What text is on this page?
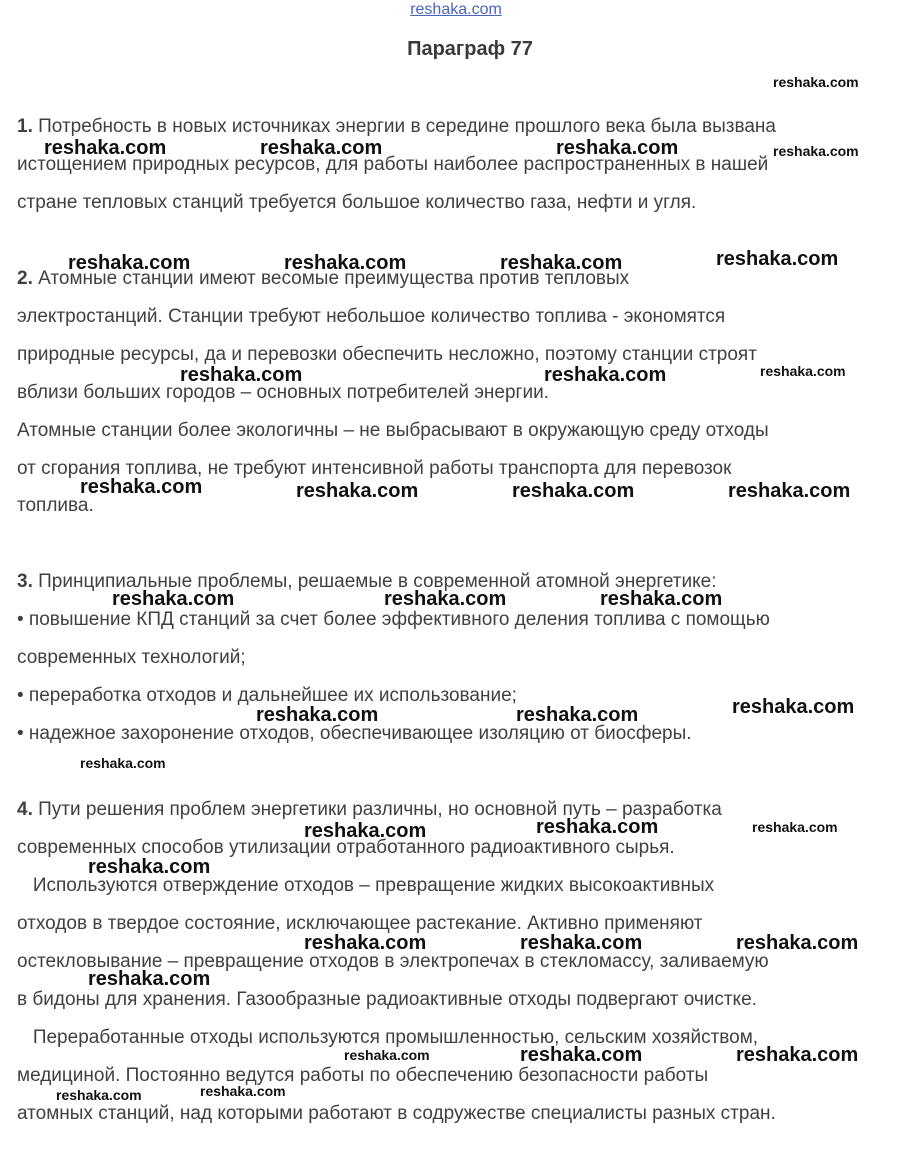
reshaka.com
Параграф 77
1. Потребность в новых источниках энергии в середине прошлого века была вызвана
истощением природных ресурсов, для работы наиболее распространенных в нашей
стране тепловых станций требуется большое количество газа, нефти и угля.
2. Атомные станции имеют весомые преимущества против тепловых
электростанций. Станции требуют небольшое количество топлива - экономятся
природные ресурсы, да и перевозки обеспечить несложно, поэтому станции строят
вблизи больших городов – основных потребителей энергии.
Атомные станции более экологичны – не выбрасывают в окружающую среду отходы
от сгорания топлива, не требуют интенсивной работы транспорта для перевозок
топлива.
3. Принципиальные проблемы, решаемые в современной атомной энергетике:
• повышение КПД станций за счет более эффективного деления топлива с помощью
современных технологий;
• переработка отходов и дальнейшее их использование;
• надежное захоронение отходов, обеспечивающее изоляцию от биосферы.
4. Пути решения проблем энергетики различны, но основной путь – разработка
современных способов утилизации отработанного радиоактивного сырья.
Используются отверждение отходов – превращение жидких высокоактивных
отходов в твердое состояние, исключающее растекание. Активно применяют
остекловывание – превращение отходов в электропечах в стекломассу, заливаемую
в бидоны для хранения. Газообразные радиоактивные отходы подвергают очистке.
Переработанные отходы используются промышленностью, сельским хозяйством,
медициной. Постоянно ведутся работы по обеспечению безопасности работы
атомных станций, над которыми работают в содружестве специалисты разных стран.
reshaka.com
reshaka.com	reshaka.com	reshaka.com	reshaka.com
reshaka.com	reshaka.com	reshaka.com	reshaka.com
reshaka.com	reshaka.com	reshaka.com
reshaka.com	reshaka.com	reshaka.com	reshaka.com
reshaka.com	reshaka.com	reshaka.com
reshaka.com	reshaka.com	reshaka.com
reshaka.com
reshaka.com	reshaka.com	reshaka.com
reshaka.com
reshaka.com	reshaka.com	reshaka.com
reshaka.com
reshaka.com	reshaka.com	reshaka.com
reshaka.com	reshaka.com
